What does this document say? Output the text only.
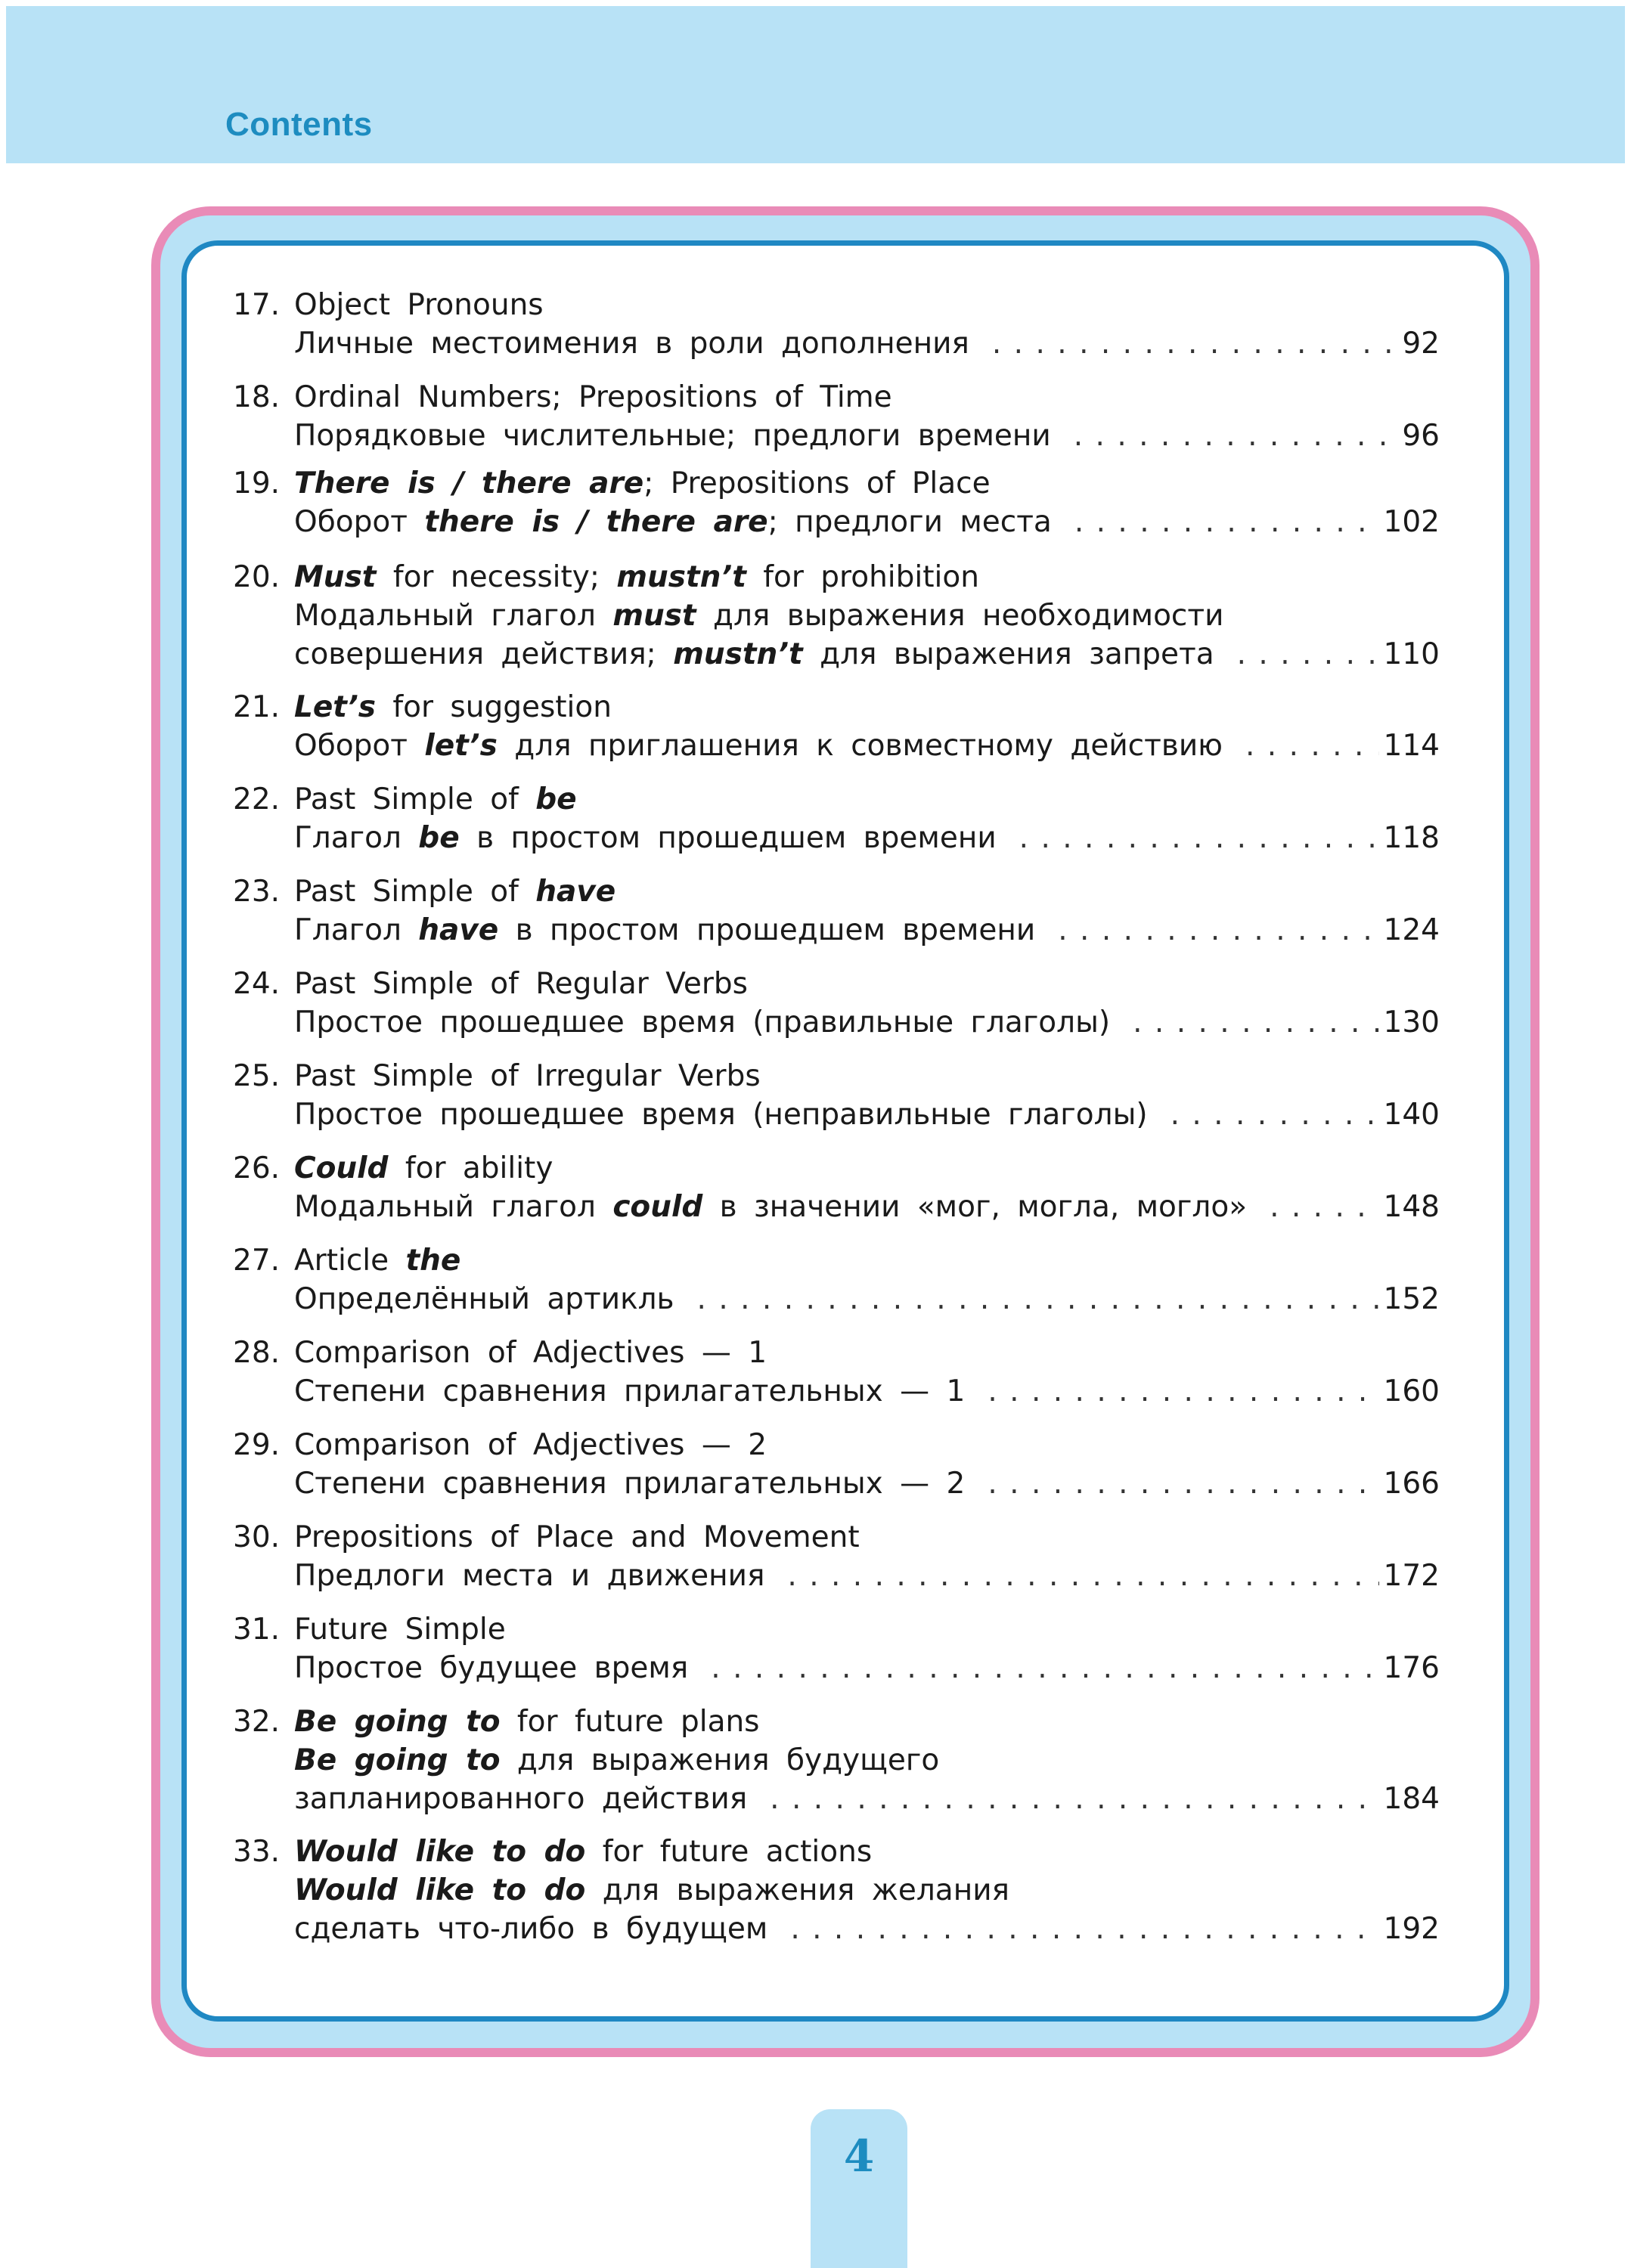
Contents
17. Object Pronouns
Личные местоимения в роли дополнения . . .	92
18. Ordinal Numbers; Prepositions of Time
Порядковые числительные; предлоги времени . . .	96
19. There is / there are; Prepositions of Place
Оборот there is / there are; предлоги места . . .	102
20. Must for necessity; mustn’t for prohibition
Модальный глагол must для выражения необходимости
совершения действия; mustn’t для выражения запрета . . .	110
21. Let’s for suggestion
Оборот let’s для приглашения к совместному действию . . .	114
22. Past Simple of be
Глагол be в простом прошедшем времени . . .	118
23. Past Simple of have
Глагол have в простом прошедшем времени . . .	124
24. Past Simple of Regular Verbs
Простое прошедшее время (правильные глаголы) . . .	130
25. Past Simple of Irregular Verbs
Простое прошедшее время (неправильные глаголы) . . .	140
26. Could for ability
Модальный глагол could в значении «мог, могла, могло» . . .	148
27. Article the
Определённый артикль . . .	152
28. Comparison of Adjectives — 1
Степени сравнения прилагательных — 1 . . .	160
29. Comparison of Adjectives — 2
Степени сравнения прилагательных — 2 . . .	166
30. Prepositions of Place and Movement
Предлоги места и движения . . .	172
31. Future Simple
Простое будущее время . . .	176
32. Be going to for future plans
Be going to для выражения будущего
запланированного действия . . .	184
33. Would like to do for future actions
Would like to do для выражения желания
сделать что-либо в будущем . . .	192
4
